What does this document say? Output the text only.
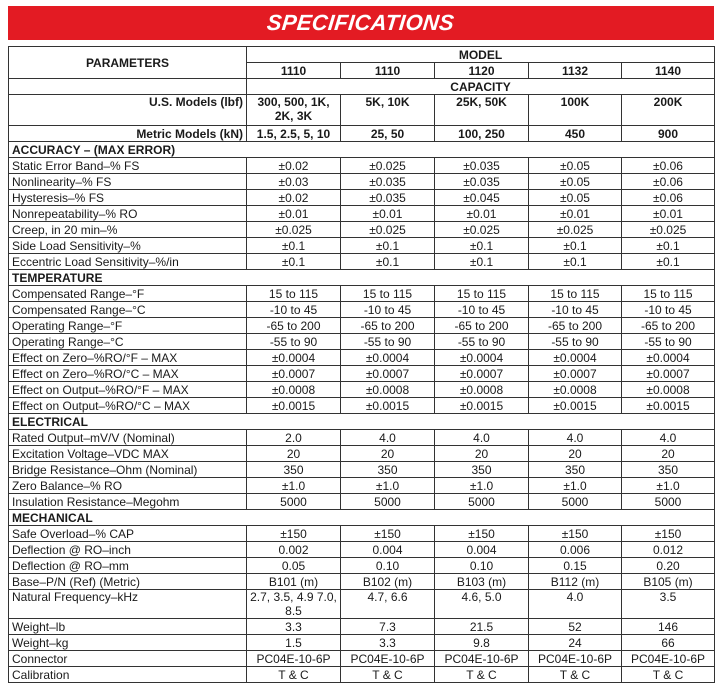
SPECIFICATIONS
PARAMETERS	MODEL				
	1110	1110	1120	1132	1140
	CAPACITY				
U.S. Models (lbf)	300, 500, 1K, 2K, 3K	5K, 10K	25K, 50K	100K	200K
Metric Models (kN)	1.5, 2.5, 5, 10	25, 50	100, 250	450	900
ACCURACY – (MAX ERROR)					
Static Error Band–% FS	±0.02	±0.025	±0.035	±0.05	±0.06
Nonlinearity–% FS	±0.03	±0.035	±0.035	±0.05	±0.06
Hysteresis–% FS	±0.02	±0.035	±0.045	±0.05	±0.06
Nonrepeatability–% RO	±0.01	±0.01	±0.01	±0.01	±0.01
Creep, in 20 min–%	±0.025	±0.025	±0.025	±0.025	±0.025
Side Load Sensitivity–%	±0.1	±0.1	±0.1	±0.1	±0.1
Eccentric Load Sensitivity–%/in	±0.1	±0.1	±0.1	±0.1	±0.1
TEMPERATURE					
Compensated Range–°F	15 to 115	15 to 115	15 to 115	15 to 115	15 to 115
Compensated Range–°C	-10 to 45	-10 to 45	-10 to 45	-10 to 45	-10 to 45
Operating Range–°F	-65 to 200	-65 to 200	-65 to 200	-65 to 200	-65 to 200
Operating Range–°C	-55 to 90	-55 to 90	-55 to 90	-55 to 90	-55 to 90
Effect on Zero–%RO/°F – MAX	±0.0004	±0.0004	±0.0004	±0.0004	±0.0004
Effect on Zero–%RO/°C – MAX	±0.0007	±0.0007	±0.0007	±0.0007	±0.0007
Effect on Output–%RO/°F – MAX	±0.0008	±0.0008	±0.0008	±0.0008	±0.0008
Effect on Output–%RO/°C – MAX	±0.0015	±0.0015	±0.0015	±0.0015	±0.0015
ELECTRICAL					
Rated Output–mV/V (Nominal)	2.0	4.0	4.0	4.0	4.0
Excitation Voltage–VDC MAX	20	20	20	20	20
Bridge Resistance–Ohm (Nominal)	350	350	350	350	350
Zero Balance–% RO	±1.0	±1.0	±1.0	±1.0	±1.0
Insulation Resistance–Megohm	5000	5000	5000	5000	5000
MECHANICAL					
Safe Overload–% CAP	±150	±150	±150	±150	±150
Deflection @ RO–inch	0.002	0.004	0.004	0.006	0.012
Deflection @ RO–mm	0.05	0.10	0.10	0.15	0.20
Base–P/N (Ref) (Metric)	B101 (m)	B102 (m)	B103 (m)	B112 (m)	B105 (m)
Natural Frequency–kHz	2.7, 3.5, 4.9 7.0, 8.5	4.7, 6.6	4.6, 5.0	4.0	3.5
Weight–lb	3.3	7.3	21.5	52	146
Weight–kg	1.5	3.3	9.8	24	66
Connector	PC04E-10-6P	PC04E-10-6P	PC04E-10-6P	PC04E-10-6P	PC04E-10-6P
Calibration	T & C	T & C	T & C	T & C	T & C
